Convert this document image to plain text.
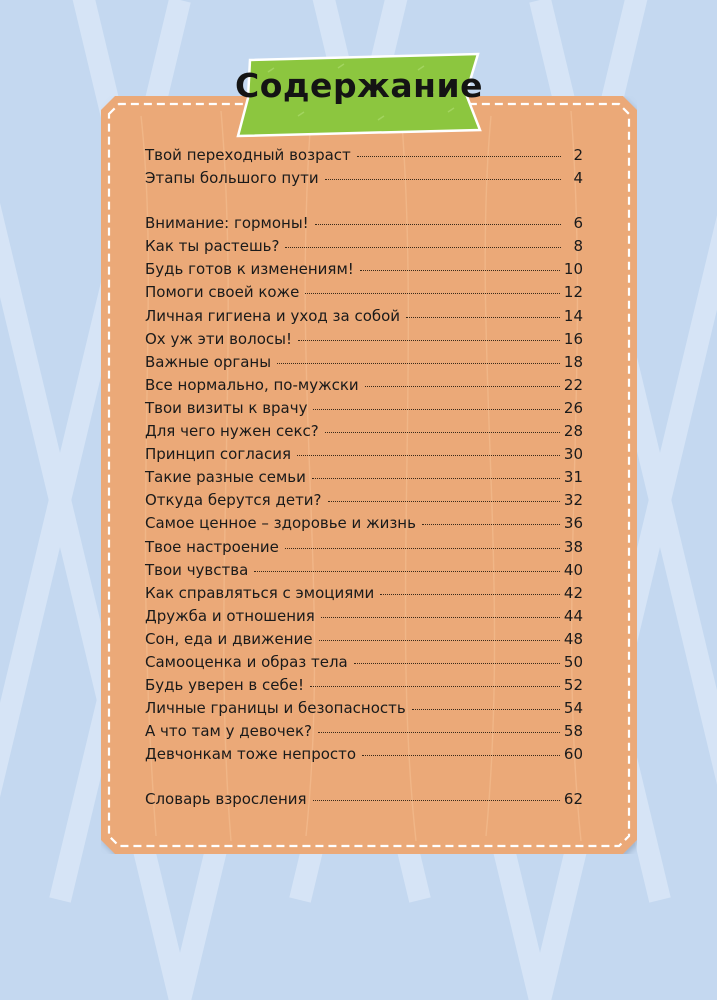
Содержание
Твой переходный возраст	2
Этапы большого пути	4
Внимание: гормоны!	6
Как ты растешь?	8
Будь готов к изменениям!	10
Помоги своей коже	12
Личная гигиена и уход за собой	14
Ох уж эти волосы!	16
Важные органы	18
Все нормально, по-мужски	22
Твои визиты к врачу	26
Для чего нужен секс?	28
Принцип согласия	30
Такие разные семьи	31
Откуда берутся дети?	32
Самое ценное – здоровье и жизнь	36
Твое настроение	38
Твои чувства	40
Как справляться с эмоциями	42
Дружба и отношения	44
Сон, еда и движение	48
Самооценка и образ тела	50
Будь уверен в себе!	52
Личные границы и безопасность	54
А что там у девочек?	58
Девчонкам тоже непросто	60
Словарь взросления	62
